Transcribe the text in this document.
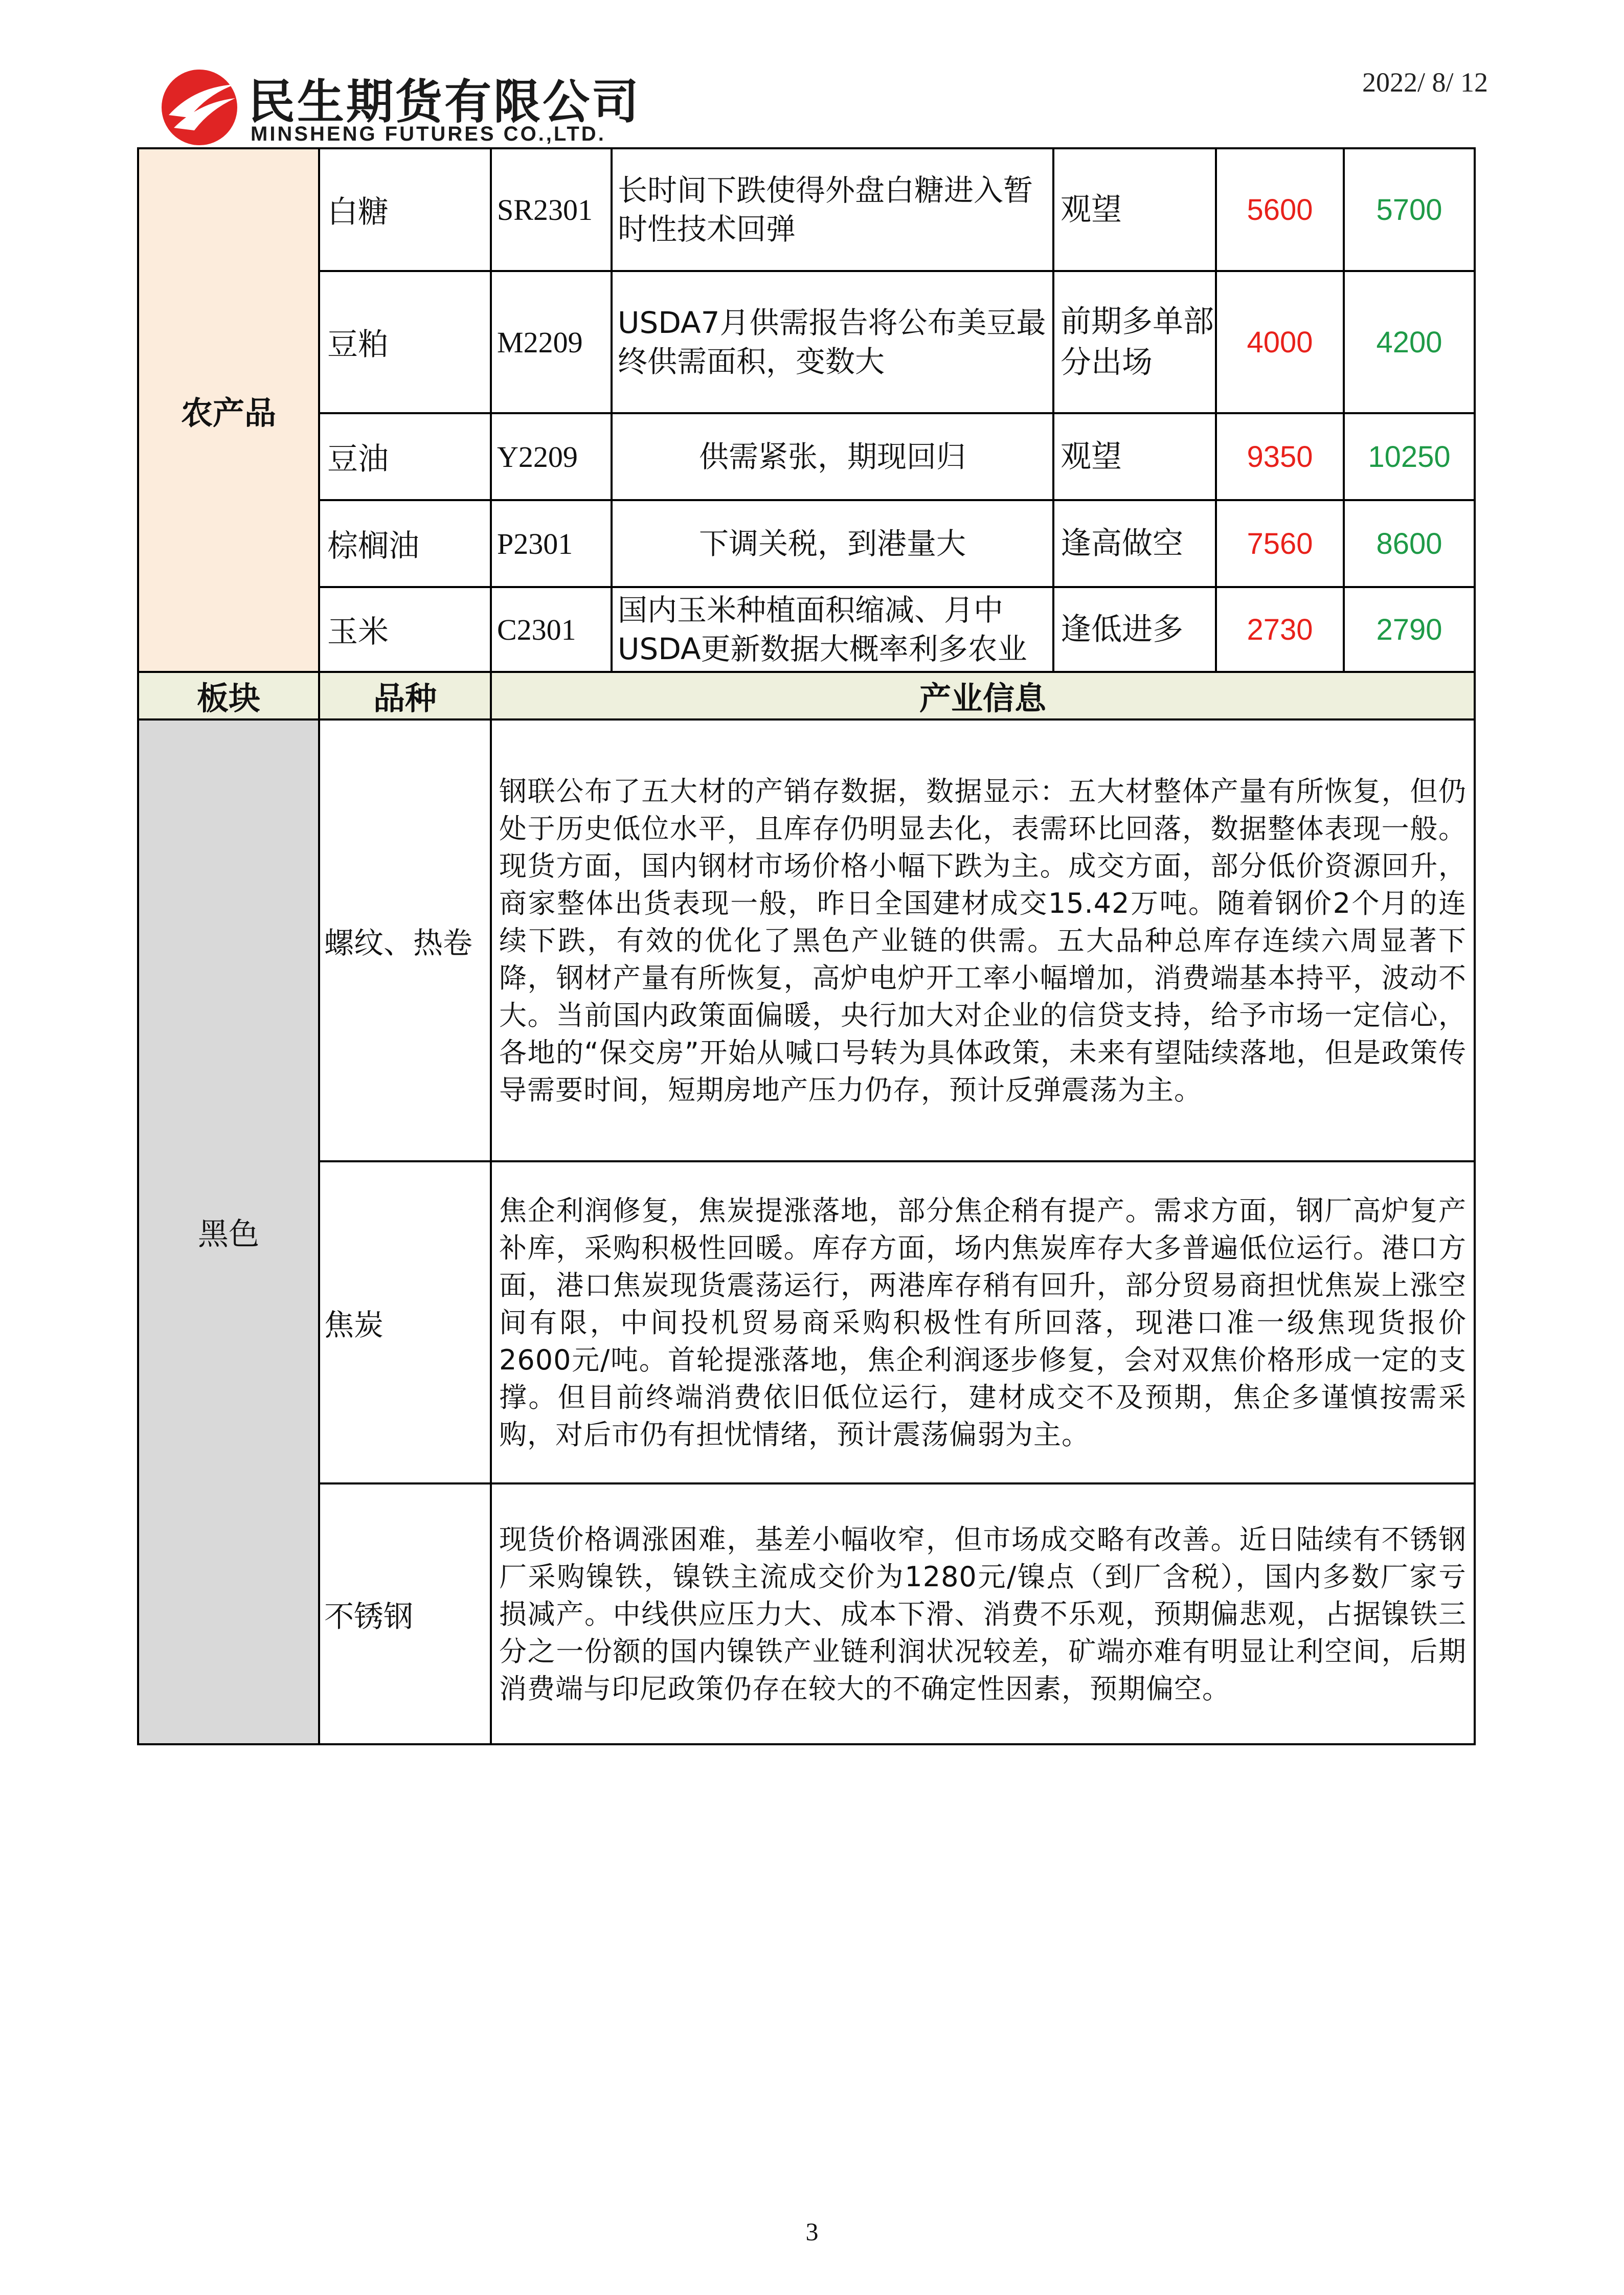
民生期货有限公司
MINSHENG FUTURES CO.,LTD.
2022/ 8/ 12
农产品	白糖	SR2301	长时间下跌使得外盘白糖进入暂时性技术回弹	观望	5600	5700
	豆粕	M2209	USDA7月供需报告将公布美豆最终供需面积，变数大	前期多单部分出场	4000	4200
	豆油	Y2209	供需紧张，期现回归	观望	9350	10250
	棕榈油	P2301	下调关税，到港量大	逢高做空	7560	8600
	玉米	C2301	国内玉米种植面积缩减、月中USDA更新数据大概率利多农业	逢低进多	2730	2790
板块	品种	产业信息				
黑色	螺纹、热卷	钢联公布了五大材的产销存数据，数据显示：五大材整体产量有所恢复，但仍处于历史低位水平，且库存仍明显去化，表需环比回落，数据整体表现一般。现货方面，国内钢材市场价格小幅下跌为主。成交方面，部分低价资源回升，商家整体出货表现一般，昨日全国建材成交15.42万吨。随着钢价2个月的连续下跌，有效的优化了黑色产业链的供需。五大品种总库存连续六周显著下降，钢材产量有所恢复，高炉电炉开工率小幅增加，消费端基本持平，波动不大。当前国内政策面偏暖，央行加大对企业的信贷支持，给予市场一定信心，各地的“保交房”开始从喊口号转为具体政策，未来有望陆续落地，但是政策传导需要时间，短期房地产压力仍存，预计反弹震荡为主。				
	焦炭	焦企利润修复，焦炭提涨落地，部分焦企稍有提产。需求方面，钢厂高炉复产补库，采购积极性回暖。库存方面，场内焦炭库存大多普遍低位运行。港口方面，港口焦炭现货震荡运行，两港库存稍有回升，部分贸易商担忧焦炭上涨空间有限，中间投机贸易商采购积极性有所回落，现港口准一级焦现货报价2600元/吨。首轮提涨落地，焦企利润逐步修复，会对双焦价格形成一定的支撑。但目前终端消费依旧低位运行，建材成交不及预期，焦企多谨慎按需采购，对后市仍有担忧情绪，预计震荡偏弱为主。				
	不锈钢	现货价格调涨困难，基差小幅收窄，但市场成交略有改善。近日陆续有不锈钢厂采购镍铁，镍铁主流成交价为1280元/镍点（到厂含税），国内多数厂家亏损减产。中线供应压力大、成本下滑、消费不乐观，预期偏悲观，占据镍铁三分之一份额的国内镍铁产业链利润状况较差，矿端亦难有明显让利空间，后期消费端与印尼政策仍存在较大的不确定性因素，预期偏空。				
3
